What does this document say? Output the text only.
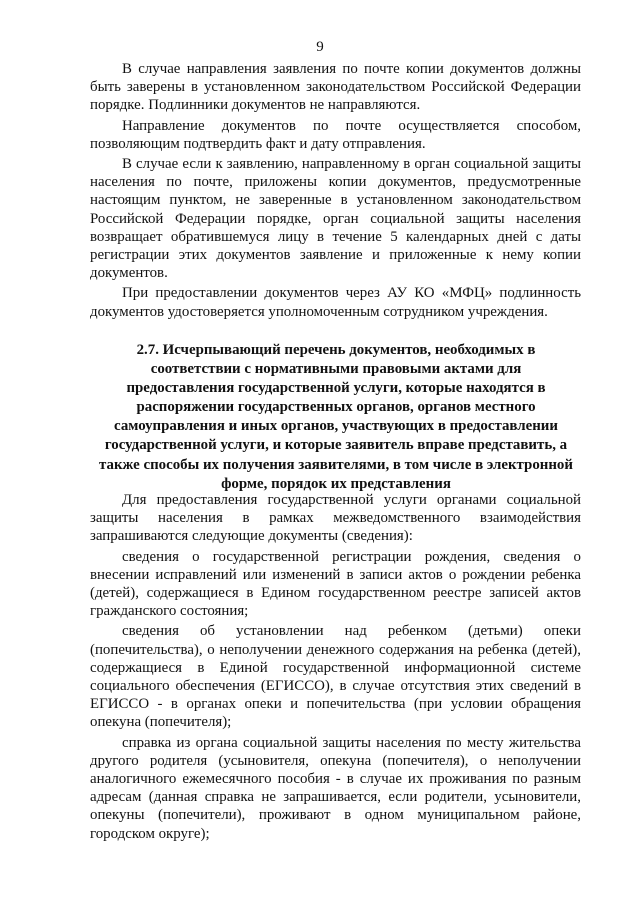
9

В случае направления заявления по почте копии документов должны быть заверены в установленном законодательством Российской Федерации порядке. Подлинники документов не направляются.

Направление документов по почте осуществляется способом, позволяющим подтвердить факт и дату отправления.

В случае если к заявлению, направленному в орган социальной защиты населения по почте, приложены копии документов, предусмотренные настоящим пунктом, не заверенные в установленном законодательством Российской Федерации порядке, орган социальной защиты населения возвращает обратившемуся лицу в течение 5 календарных дней с даты регистрации этих документов заявление и приложенные к нему копии документов.

При предоставлении документов через АУ КО «МФЦ» подлинность документов удостоверяется уполномоченным сотрудником учреждения.

2.7. Исчерпывающий перечень документов, необходимых в соответствии с нормативными правовыми актами для предоставления государственной услуги, которые находятся в распоряжении государственных органов, органов местного самоуправления и иных органов, участвующих в предоставлении государственной услуги, и которые заявитель вправе представить, а также способы их получения заявителями, в том числе в электронной форме, порядок их представления

Для предоставления государственной услуги органами социальной защиты населения в рамках межведомственного взаимодействия запрашиваются следующие документы (сведения):

сведения о государственной регистрации рождения, сведения о внесении исправлений или изменений в записи актов о рождении ребенка (детей), содержащиеся в Едином государственном реестре записей актов гражданского состояния;

сведения об установлении над ребенком (детьми) опеки (попечительства), о неполучении денежного содержания на ребенка (детей), содержащиеся в Единой государственной информационной системе социального обеспечения (ЕГИССО), в случае отсутствия этих сведений в ЕГИССО - в органах опеки и попечительства (при условии обращения опекуна (попечителя);

справка из органа социальной защиты населения по месту жительства другого родителя (усыновителя, опекуна (попечителя), о неполучении аналогичного ежемесячного пособия - в случае их проживания по разным адресам (данная справка не запрашивается, если родители, усыновители, опекуны (попечители), проживают в одном муниципальном районе, городском округе);
